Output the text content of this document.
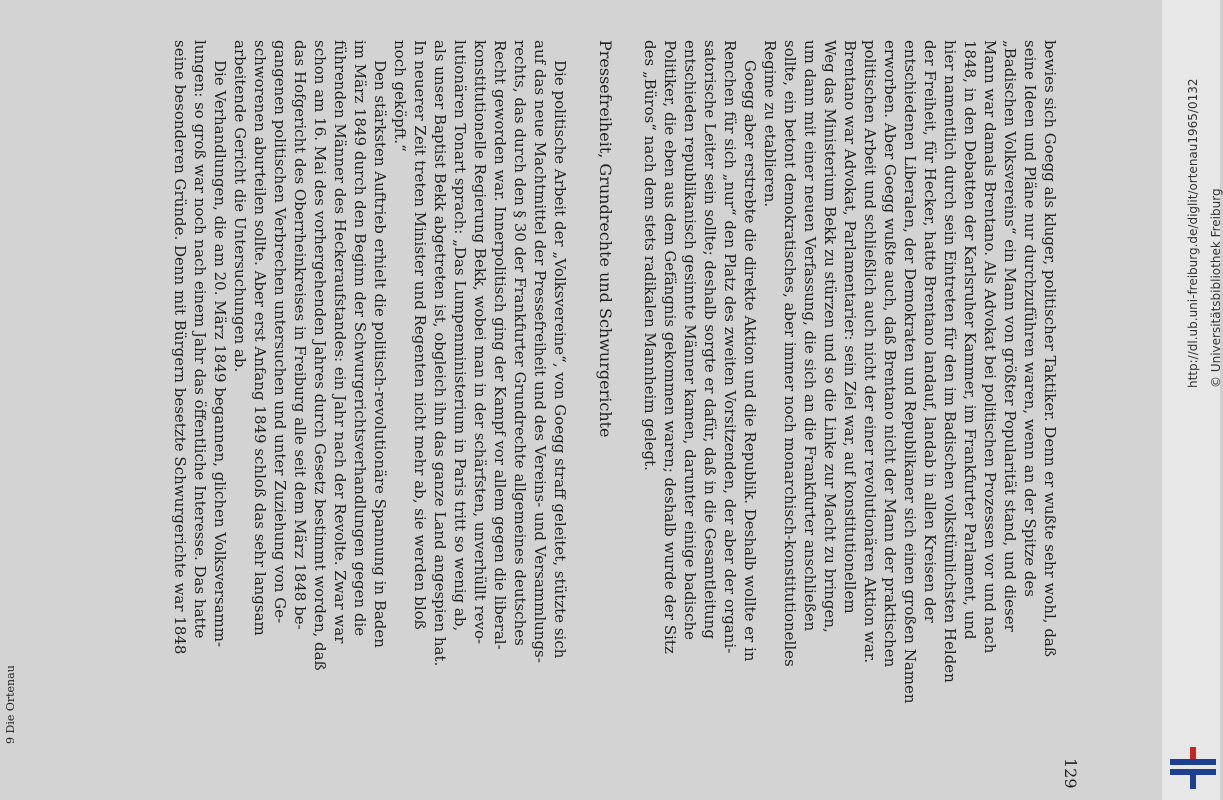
bewies sich Goegg als kluger, politischer Taktiker. Denn er wußte sehr wohl, daß

seine Ideen und Pläne nur durchzuführen waren, wenn an der Spitze des

„Badischen Volksvereins“ ein Mann von größter Popularität stand, und dieser

Mann war damals Brentano. Als Advokat bei politischen Prozessen vor und nach

1848, in den Debatten der Karlsruher Kammer, im Frankfurter Parlament, und

hier namentlich durch sein Eintreten für den im Badischen volkstümlichsten Helden

der Freiheit, für Hecker, hatte Brentano landauf, landab in allen Kreisen der

entschiedenen Liberalen, der Demokraten und Republikaner sich einen großen Namen

erworben. Aber Goegg wußte auch, daß Brentano nicht der Mann der praktischen

politischen Arbeit und schließlich auch nicht der einer revolutionären Aktion war.

Brentano war Advokat, Parlamentarier: sein Ziel war, auf konstitutionellem

Weg das Ministerium Bekk zu stürzen und so die Linke zur Macht zu bringen,

um dann mit einer neuen Verfassung, die sich an die Frankfurter anschließen

sollte, ein betont demokratisches, aber immer noch monarchisch-konstitutionelles

Regime zu etablieren.

Goegg aber erstrebte die direkte Aktion und die Republik. Deshalb wollte er in

Renchen für sich „nur“ den Platz des zweiten Vorsitzenden, der aber der organi-

satorische Leiter sein sollte; deshalb sorgte er dafür, daß in die Gesamtleitung

entschieden republikanisch gesinnte Männer kamen, darunter einige badische

Politiker, die eben aus dem Gefängnis gekommen waren; deshalb wurde der Sitz

des „Büros“ nach dem stets radikalen Mannheim gelegt.

Pressefreiheit, Grundrechte und Schwurgerichte

Die politische Arbeit der „Volksvereine“, von Goegg straff geleitet, stützte sich

auf das neue Machtmittel der Pressefreiheit und des Vereins- und Versammlungs-

rechts, das durch den § 30 der Frankfurter Grundrechte allgemeines deutsches

Recht geworden war. Innerpolitisch ging der Kampf vor allem gegen die liberal-

konstitutionelle Regierung Bekk, wobei man in der schärfsten, unverhüllt revo-

lutionären Tonart sprach: „Das Lumpenministerium in Paris tritt so wenig ab,

als unser Baptist Bekk abgetreten ist, obgleich ihn das ganze Land angespien hat.

In neuerer Zeit treten Minister und Regenten nicht mehr ab, sie werden bloß

noch geköpft.“

Den stärksten Auftrieb erhielt die politisch-revolutionäre Spannung in Baden

im März 1849 durch den Beginn der Schwurgerichtsverhandlungen gegen die

führenden Männer des Heckeraufstandes: ein Jahr nach der Revolte. Zwar war

schon am 16. Mai des vorhergehenden Jahres durch Gesetz bestimmt worden, daß

das Hofgericht des Oberrheinkreises in Freiburg alle seit dem März 1848 be-

gangenen politischen Verbrechen untersuchen und unter Zuziehung von Ge-

schworenen aburteilen sollte. Aber erst Anfang 1849 schloß das sehr langsam

arbeitende Gericht die Untersuchungen ab.

Die Verhandlungen, die am 20. März 1849 begannen, glichen Volksversamm-

lungen: so groß war noch nach einem Jahr das öffentliche Interesse. Das hatte

seine besonderen Gründe. Denn mit Bürgern besetzte Schwurgerichte war 1848

129

9 Die Ortenau

http://dl.ub.uni-freiburg.de/diglit/ortenau1965/0132 © Universitätsbibliothek Freiburg
